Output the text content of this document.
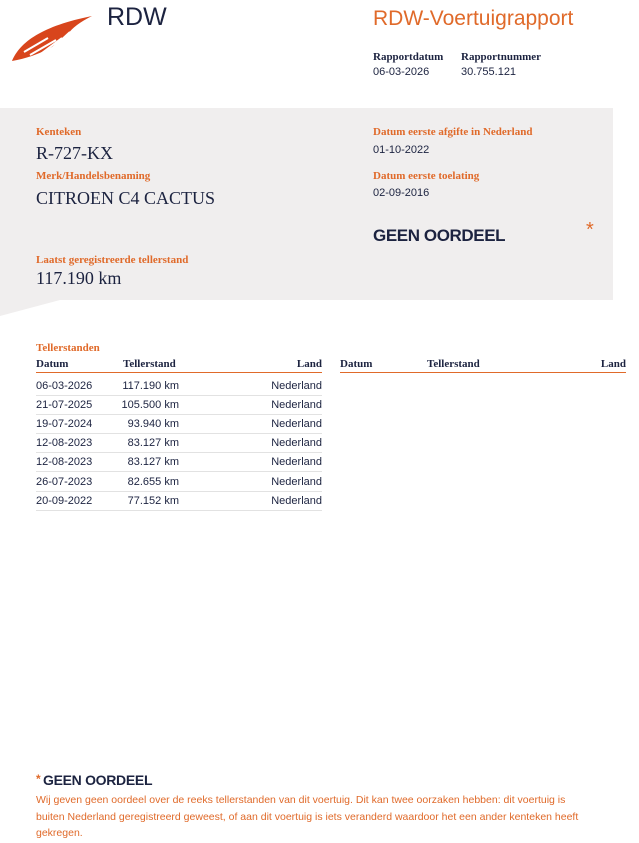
RDW	RDW-Voertuigrapport
Rapportdatum
06-03-2026
Rapportnummer
30.755.121
Kenteken
R-727-KX
Merk/Handelsbenaming
CITROEN C4 CACTUS
Datum eerste afgifte in Nederland
01-10-2022
Datum eerste toelating
02-09-2016
GEEN OORDEEL	*
Laatst geregistreerde tellerstand
117.190 km
Tellerstanden
Datum	Tellerstand	Land Datum	Tellerstand	Land
06-03-2026	117.190 km	Nederland
21-07-2025	105.500 km	Nederland
19-07-2024	93.940 km	Nederland
12-08-2023	83.127 km	Nederland
12-08-2023	83.127 km	Nederland
26-07-2023	82.655 km	Nederland
20-09-2022	77.152 km	Nederland
* GEEN OORDEEL
Wij geven geen oordeel over de reeks tellerstanden van dit voertuig. Dit kan twee oorzaken hebben: dit voertuig is buiten Nederland geregistreerd geweest, of aan dit voertuig is iets veranderd waardoor het een ander kenteken heeft gekregen.
